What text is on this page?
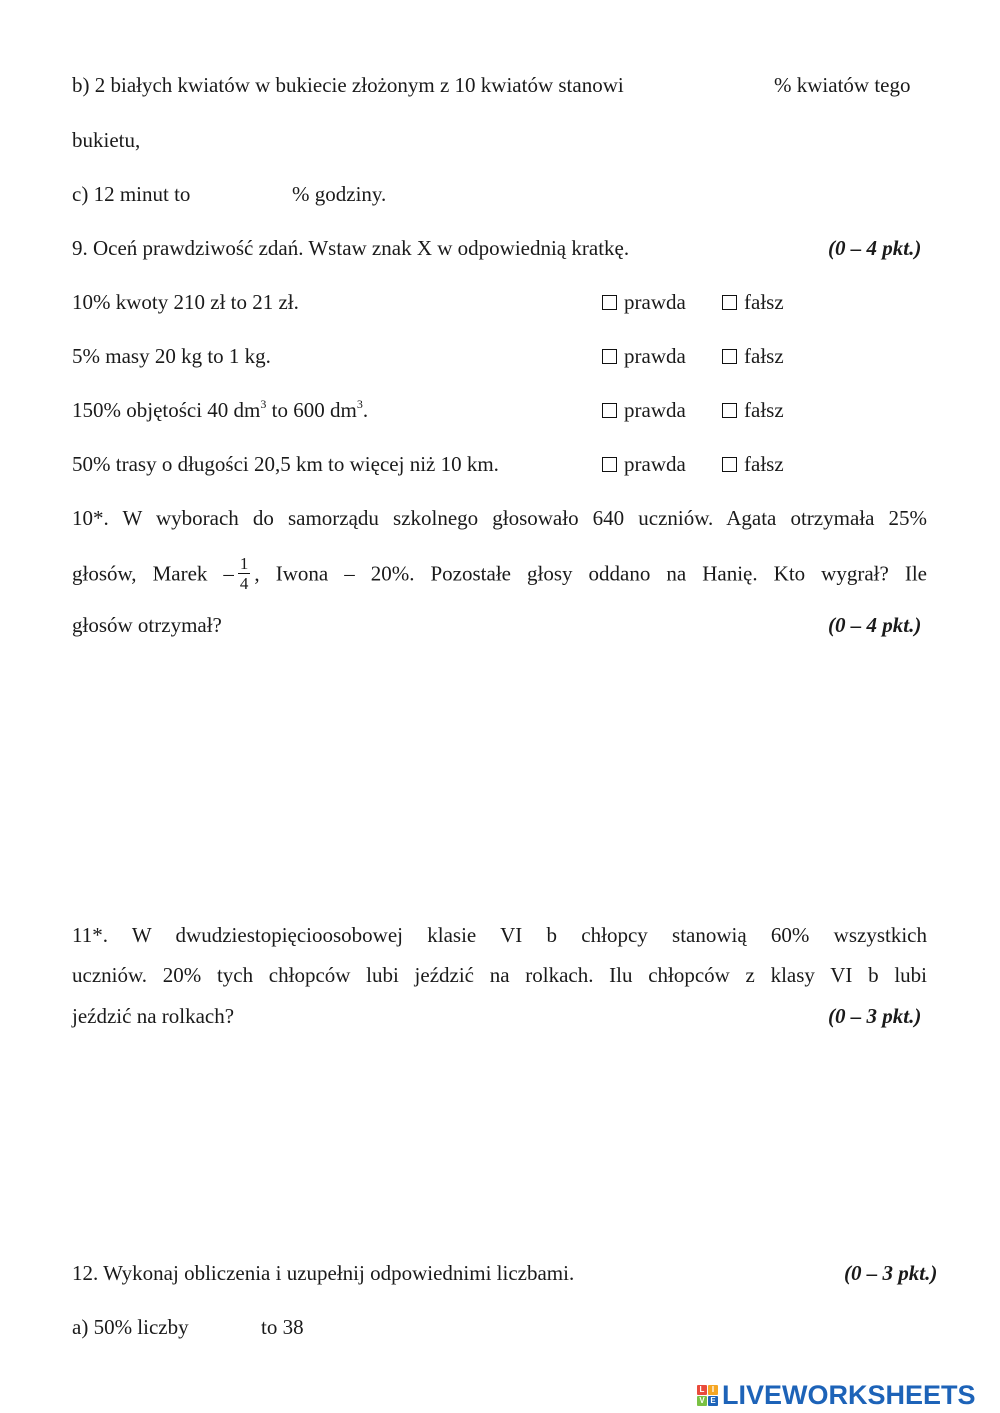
b) 2 białych kwiatów w bukiecie złożonym z 10 kwiatów stanowi	% kwiatów tego
bukietu,
c) 12 minut to	% godziny.
9. Oceń prawdziwość zdań. Wstaw znak X w odpowiednią kratkę.	(0 – 4 pkt.)
10% kwoty 210 zł to 21 zł.	prawda	fałsz
5% masy 20 kg to 1 kg.	prawda	fałsz
150% objętości 40 $dm^3$ to 600 $dm^3$.	prawda	fałsz
50% trasy o długości 20,5 km to więcej niż 10 km.	prawda	fałsz
10*. W wyborach do samorządu szkolnego głosowało 640 uczniów. Agata otrzymała 25%
głosów, Marek – $\frac{1}{4}$ , Iwona – 20%. Pozostałe głosy oddano na Hanię. Kto wygrał? Ile
głosów otrzymał?	(0 – 4 pkt.)
11*. W dwudziestopięcioosobowej klasie VI b chłopcy stanowią 60% wszystkich
uczniów. 20% tych chłopców lubi jeździć na rolkach. Ilu chłopców z klasy VI b lubi
jeździć na rolkach?	(0 – 3 pkt.)
12. Wykonaj obliczenia i uzupełnij odpowiednimi liczbami.	(0 – 3 pkt.)
a) 50% liczby	to 38
L I
V E LIVEWORKSHEETS
